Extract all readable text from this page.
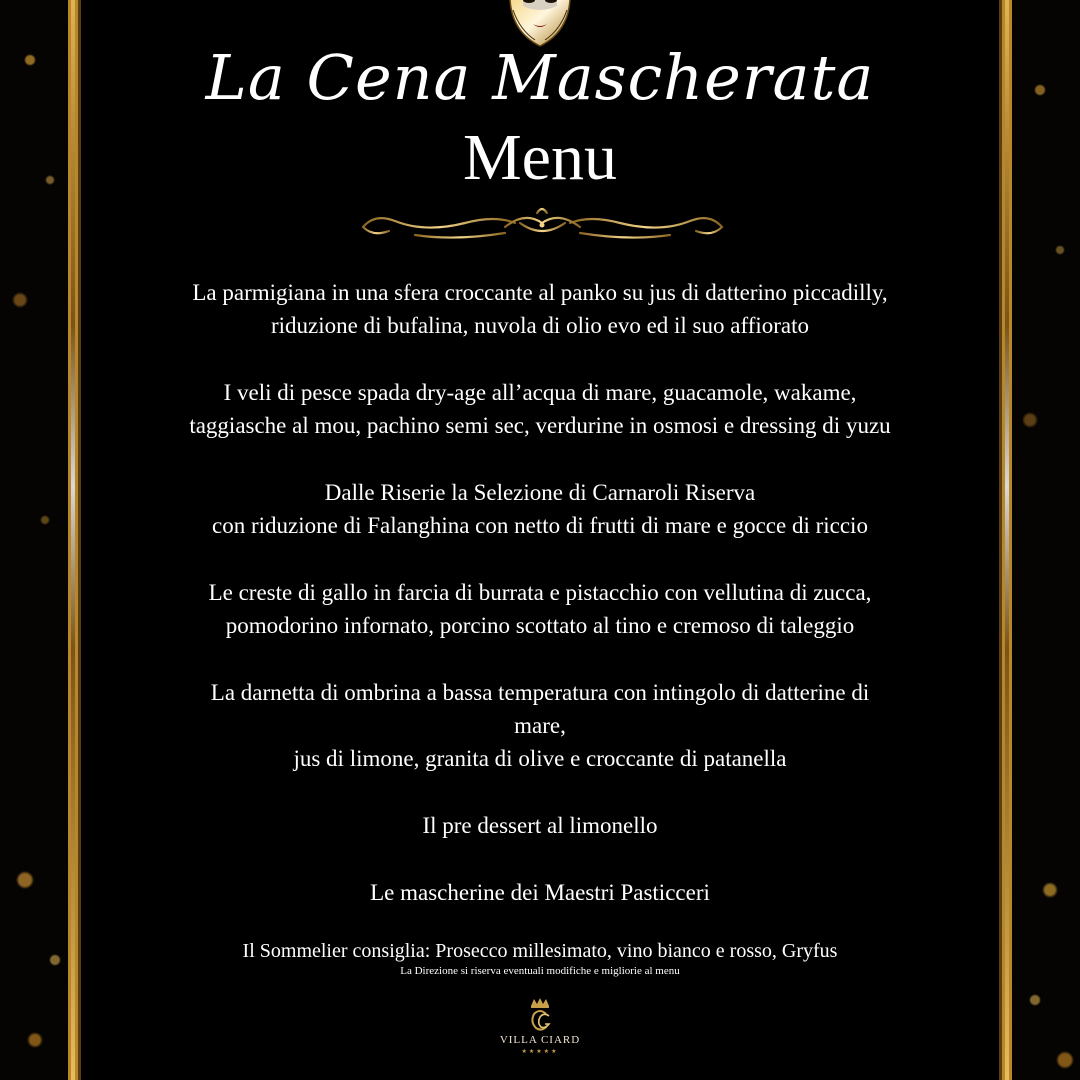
La Cena Mascherata
Menu
La parmigiana in una sfera croccante al panko su jus di datterino piccadilly,
riduzione di bufalina, nuvola di olio evo ed il suo affiorato
I veli di pesce spada dry-age all’acqua di mare, guacamole, wakame,
taggiasche al mou, pachino semi sec, verdurine in osmosi e dressing di yuzu
Dalle Riserie la Selezione di Carnaroli Riserva
con riduzione di Falanghina con netto di frutti di mare e gocce di riccio
Le creste di gallo in farcia di burrata e pistacchio con vellutina di zucca,
pomodorino infornato, porcino scottato al tino e cremoso di taleggio
La darnetta di ombrina a bassa temperatura con intingolo di datterine di
mare,
jus di limone, granita di olive e croccante di patanella
Il pre dessert al limonello
Le mascherine dei Maestri Pasticceri
Il Sommelier consiglia: Prosecco millesimato, vino bianco e rosso, Gryfus
La Direzione si riserva eventuali modifiche e migliorie al menu
VILLA CIARD
★★★★★
